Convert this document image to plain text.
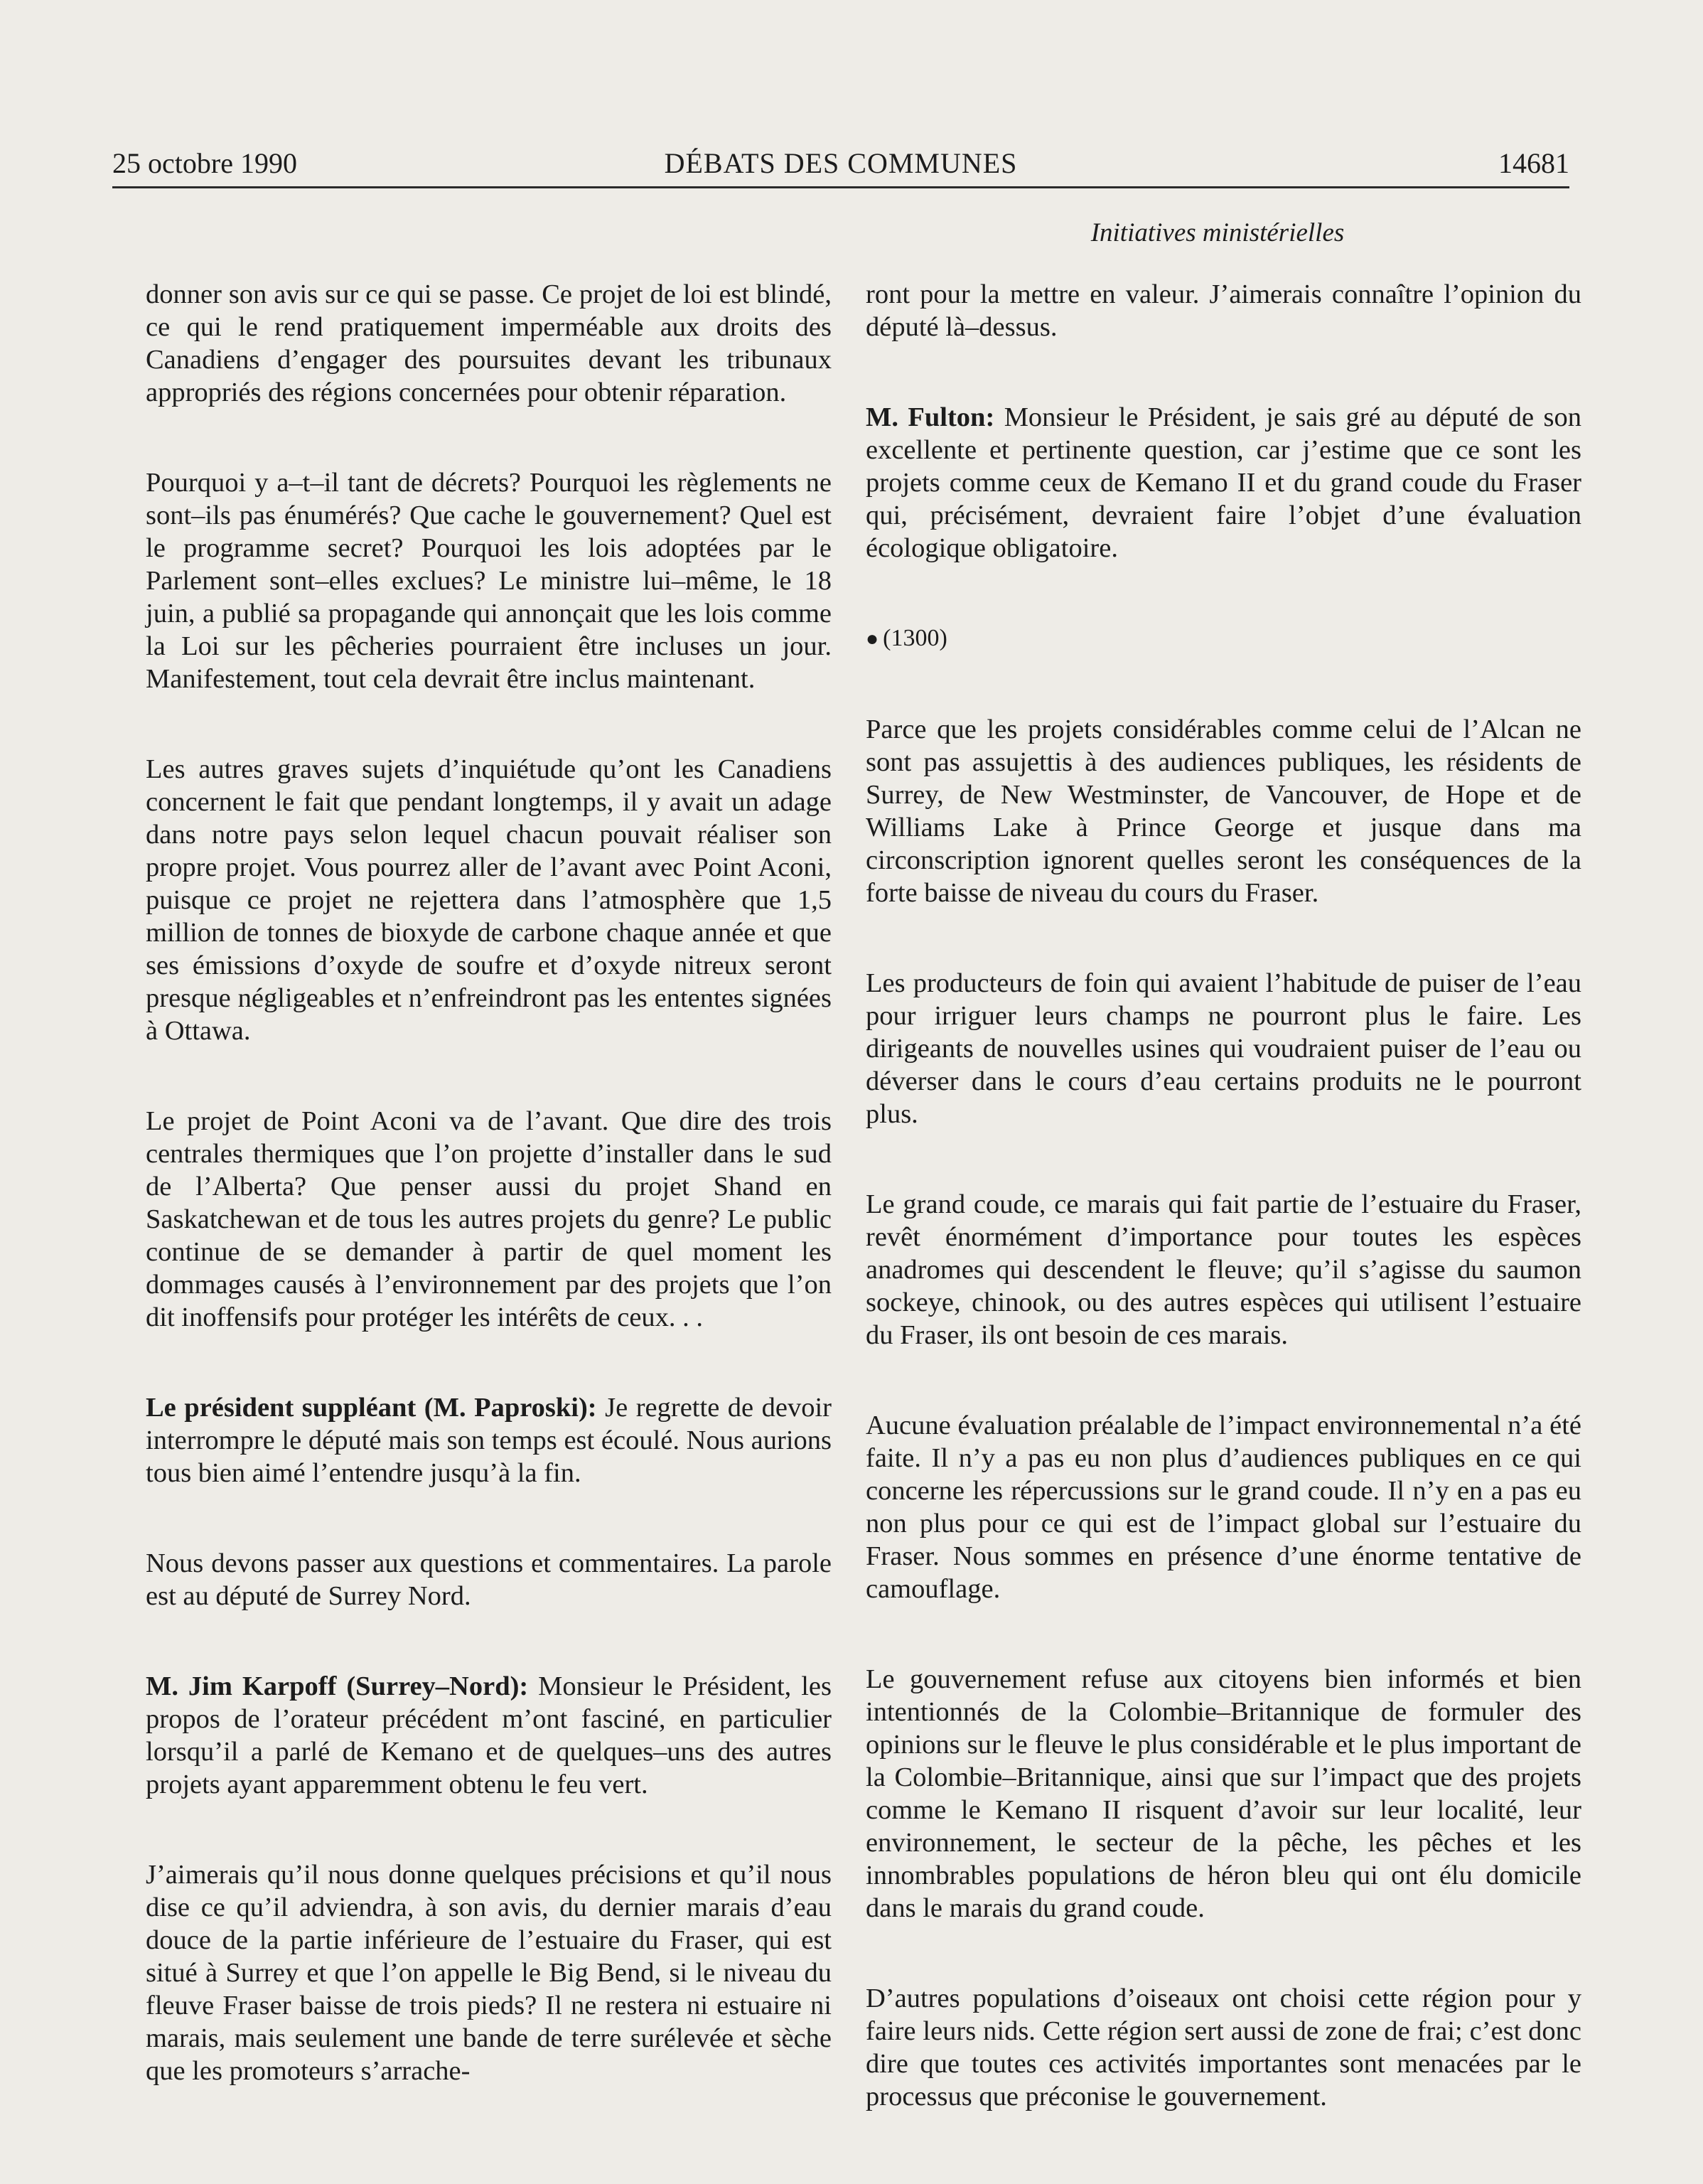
25 octobre 1990	DÉBATS DES COMMUNES	14681
Initiatives ministérielles

donner son avis sur ce qui se passe. Ce projet de loi est blindé, ce qui le rend pratiquement imperméable aux droits des Canadiens d’engager des poursuites devant les tribunaux appropriés des régions concernées pour obtenir réparation.

Pourquoi y a–t–il tant de décrets? Pourquoi les règlements ne sont–ils pas énumérés? Que cache le gouvernement? Quel est le programme secret? Pourquoi les lois adoptées par le Parlement sont–elles exclues? Le ministre lui–même, le 18 juin, a publié sa propagande qui annonçait que les lois comme la Loi sur les pêcheries pourraient être incluses un jour. Manifestement, tout cela devrait être inclus maintenant.

Les autres graves sujets d’inquiétude qu’ont les Canadiens concernent le fait que pendant longtemps, il y avait un adage dans notre pays selon lequel chacun pouvait réaliser son propre projet. Vous pourrez aller de l’avant avec Point Aconi, puisque ce projet ne rejettera dans l’atmosphère que 1,5 million de tonnes de bioxyde de carbone chaque année et que ses émissions d’oxyde de soufre et d’oxyde nitreux seront presque négligeables et n’enfreindront pas les ententes signées à Ottawa.

Le projet de Point Aconi va de l’avant. Que dire des trois centrales thermiques que l’on projette d’installer dans le sud de l’Alberta? Que penser aussi du projet Shand en Saskatchewan et de tous les autres projets du genre? Le public continue de se demander à partir de quel moment les dommages causés à l’environnement par des projets que l’on dit inoffensifs pour protéger les intérêts de ceux. . .

Le président suppléant (M. Paproski): Je regrette de devoir interrompre le député mais son temps est écoulé. Nous aurions tous bien aimé l’entendre jusqu’à la fin.

Nous devons passer aux questions et commentaires. La parole est au député de Surrey Nord.

M. Jim Karpoff (Surrey–Nord): Monsieur le Président, les propos de l’orateur précédent m’ont fasciné, en particulier lorsqu’il a parlé de Kemano et de quelques–uns des autres projets ayant apparemment obtenu le feu vert.

J’aimerais qu’il nous donne quelques précisions et qu’il nous dise ce qu’il adviendra, à son avis, du dernier marais d’eau douce de la partie inférieure de l’estuaire du Fraser, qui est situé à Surrey et que l’on appelle le Big Bend, si le niveau du fleuve Fraser baisse de trois pieds? Il ne restera ni estuaire ni marais, mais seulement une bande de terre surélevée et sèche que les promoteurs s’arrache-

ront pour la mettre en valeur. J’aimerais connaître l’opinion du député là–dessus.

M. Fulton: Monsieur le Président, je sais gré au député de son excellente et pertinente question, car j’estime que ce sont les projets comme ceux de Kemano II et du grand coude du Fraser qui, précisément, devraient faire l’objet d’une évaluation écologique obligatoire.

● (1300)

Parce que les projets considérables comme celui de l’Alcan ne sont pas assujettis à des audiences publiques, les résidents de Surrey, de New Westminster, de Vancouver, de Hope et de Williams Lake à Prince George et jusque dans ma circonscription ignorent quelles seront les conséquences de la forte baisse de niveau du cours du Fraser.

Les producteurs de foin qui avaient l’habitude de puiser de l’eau pour irriguer leurs champs ne pourront plus le faire. Les dirigeants de nouvelles usines qui voudraient puiser de l’eau ou déverser dans le cours d’eau certains produits ne le pourront plus.

Le grand coude, ce marais qui fait partie de l’estuaire du Fraser, revêt énormément d’importance pour toutes les espèces anadromes qui descendent le fleuve; qu’il s’agisse du saumon sockeye, chinook, ou des autres espèces qui utilisent l’estuaire du Fraser, ils ont besoin de ces marais.

Aucune évaluation préalable de l’impact environnemental n’a été faite. Il n’y a pas eu non plus d’audiences publiques en ce qui concerne les répercussions sur le grand coude. Il n’y en a pas eu non plus pour ce qui est de l’impact global sur l’estuaire du Fraser. Nous sommes en présence d’une énorme tentative de camouflage.

Le gouvernement refuse aux citoyens bien informés et bien intentionnés de la Colombie–Britannique de formuler des opinions sur le fleuve le plus considérable et le plus important de la Colombie–Britannique, ainsi que sur l’impact que des projets comme le Kemano II risquent d’avoir sur leur localité, leur environnement, le secteur de la pêche, les pêches et les innombrables populations de héron bleu qui ont élu domicile dans le marais du grand coude.

D’autres populations d’oiseaux ont choisi cette région pour y faire leurs nids. Cette région sert aussi de zone de frai; c’est donc dire que toutes ces activités importantes sont menacées par le processus que préconise le gouvernement.
